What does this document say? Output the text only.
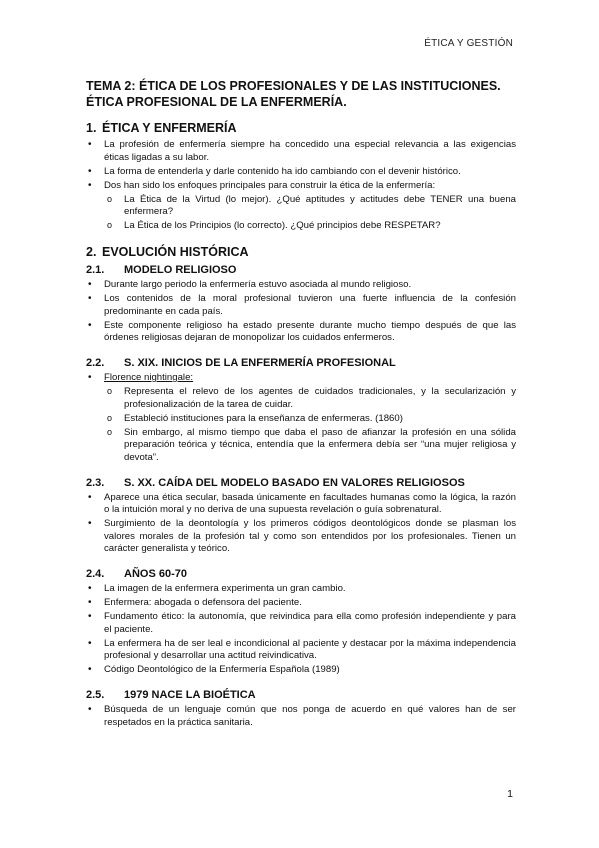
ÉTICA Y GESTIÓN
TEMA 2: ÉTICA DE LOS PROFESIONALES Y DE LAS INSTITUCIONES. ÉTICA PROFESIONAL DE LA ENFERMERÍA.
1. ÉTICA Y ENFERMERÍA
• La profesión de enfermería siempre ha concedido una especial relevancia a las exigencias éticas ligadas a su labor.
• La forma de entenderla y darle contenido ha ido cambiando con el devenir histórico.
• Dos han sido los enfoques principales para construir la ética de la enfermería:
o La Ética de la Virtud (lo mejor). ¿Qué aptitudes y actitudes debe TENER una buena enfermera?
o La Ética de los Principios (lo correcto). ¿Qué principios debe RESPETAR?
2. EVOLUCIÓN HISTÓRICA
2.1.	MODELO RELIGIOSO
• Durante largo periodo la enfermería estuvo asociada al mundo religioso.
• Los contenidos de la moral profesional tuvieron una fuerte influencia de la confesión predominante en cada país.
• Este componente religioso ha estado presente durante mucho tiempo después de que las órdenes religiosas dejaran de monopolizar los cuidados enfermeros.
2.2.	S. XIX. INICIOS DE LA ENFERMERÍA PROFESIONAL
• Florence nightingale:
o Representa el relevo de los agentes de cuidados tradicionales, y la secularización y profesionalización de la tarea de cuidar.
o Estableció instituciones para la enseñanza de enfermeras. (1860)
o Sin embargo, al mismo tiempo que daba el paso de afianzar la profesión en una sólida preparación teórica y técnica, entendía que la enfermera debía ser “una mujer religiosa y devota”.
2.3.	S. XX. CAÍDA DEL MODELO BASADO EN VALORES RELIGIOSOS
• Aparece una ética secular, basada únicamente en facultades humanas como la lógica, la razón o la intuición moral y no deriva de una supuesta revelación o guía sobrenatural.
• Surgimiento de la deontología y los primeros códigos deontológicos donde se plasman los valores morales de la profesión tal y como son entendidos por los profesionales. Tienen un carácter generalista y teórico.
2.4.	AÑOS 60-70
• La imagen de la enfermera experimenta un gran cambio.
• Enfermera: abogada o defensora del paciente.
• Fundamento ético: la autonomía, que reivindica para ella como profesión independiente y para el paciente.
• La enfermera ha de ser leal e incondicional al paciente y destacar por la máxima independencia profesional y desarrollar una actitud reivindicativa.
• Código Deontológico de la Enfermería Española (1989)
2.5.	1979 NACE LA BIOÉTICA
• Búsqueda de un lenguaje común que nos ponga de acuerdo en qué valores han de ser respetados en la práctica sanitaria.
1
